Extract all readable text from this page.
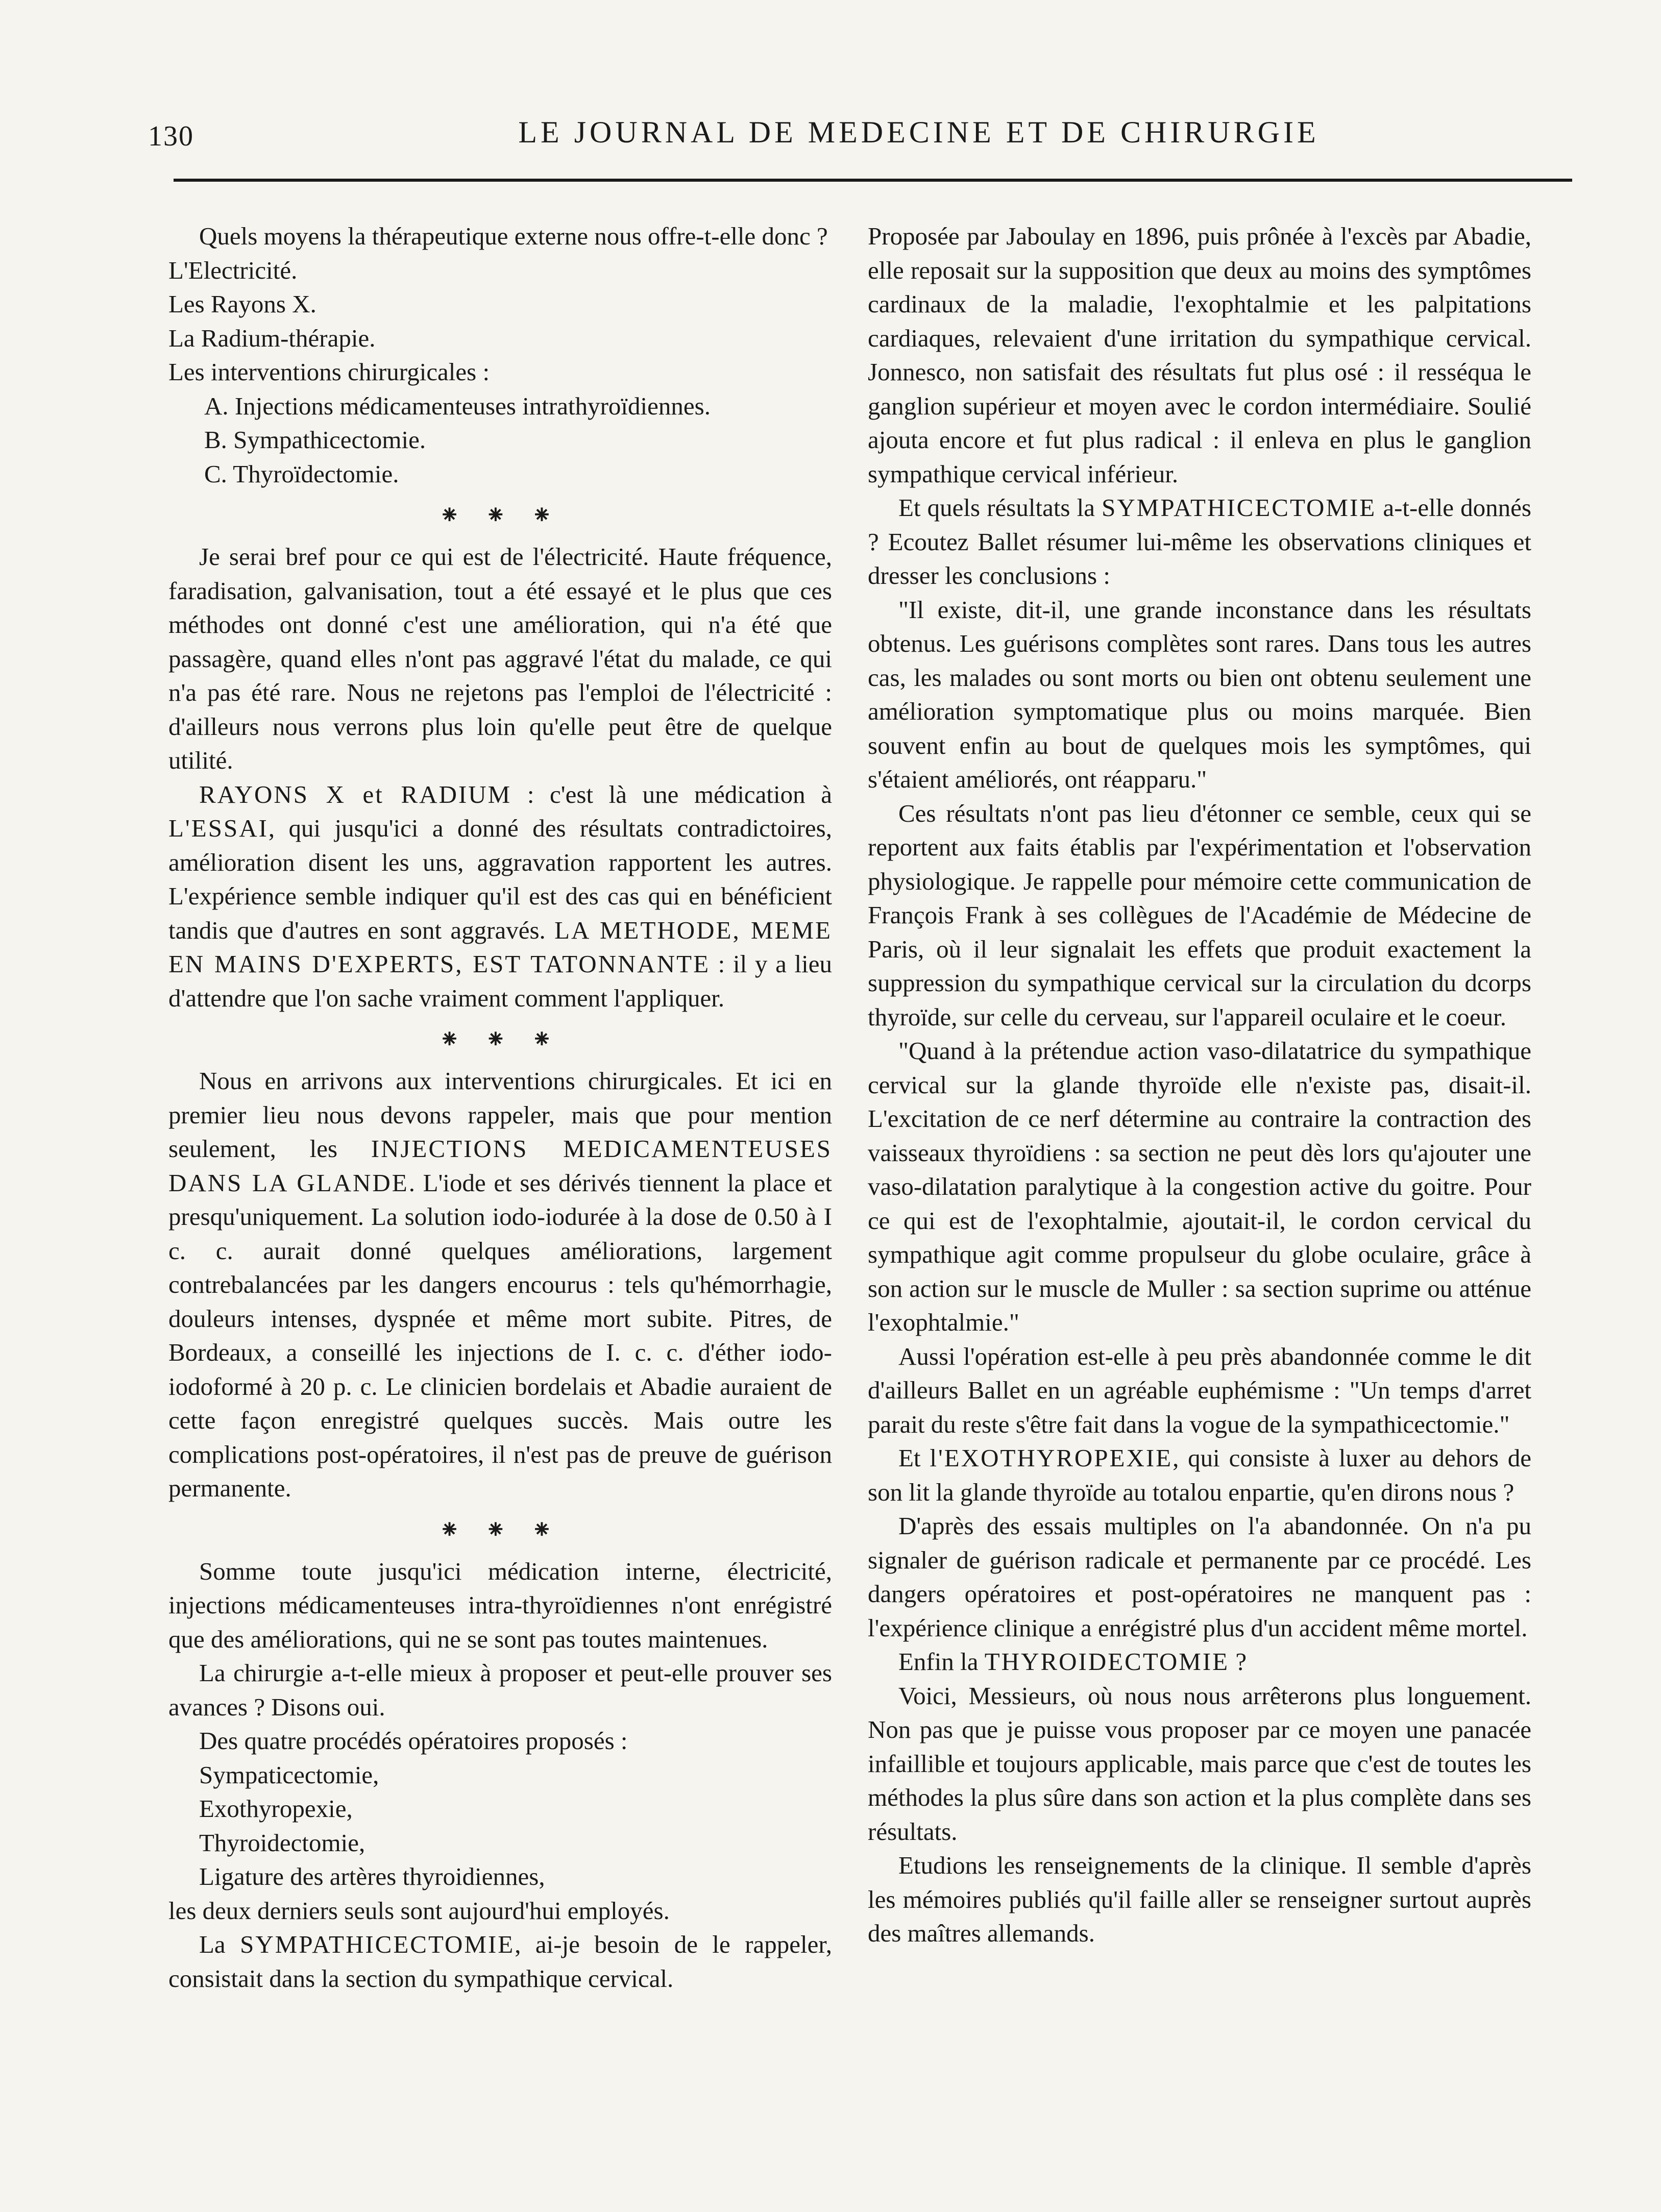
130	LE JOURNAL DE MEDECINE ET DE CHIRURGIE

Quels moyens la thérapeutique externe nous offre-t-elle donc ?

L'Electricité.

Les Rayons X.

La Radium-thérapie.

Les interventions chirurgicales :

A. Injections médicamenteuses intrathyroïdiennes.

B. Sympathicectomie.

C. Thyroïdectomie.

⁕ ⁕ ⁕

Je serai bref pour ce qui est de l'électricité. Haute fréquence, faradisation, galvanisation, tout a été essayé et le plus que ces méthodes ont donné c'est une amélioration, qui n'a été que passagère, quand elles n'ont pas aggravé l'état du malade, ce qui n'a pas été rare. Nous ne rejetons pas l'emploi de l'électricité : d'ailleurs nous verrons plus loin qu'elle peut être de quelque utilité.

RAYONS X et RADIUM : c'est là une médication à L'ESSAI, qui jusqu'ici a donné des résultats contradictoires, amélioration disent les uns, aggravation rapportent les autres. L'expérience semble indiquer qu'il est des cas qui en bénéficient tandis que d'autres en sont aggravés. LA METHODE, MEME EN MAINS D'EXPERTS, EST TATONNANTE : il y a lieu d'attendre que l'on sache vraiment comment l'appliquer.

⁕ ⁕ ⁕

Nous en arrivons aux interventions chirurgicales. Et ici en premier lieu nous devons rappeler, mais que pour mention seulement, les INJECTIONS MEDICAMENTEUSES DANS LA GLANDE. L'iode et ses dérivés tiennent la place et presqu'uniquement. La solution iodo-iodurée à la dose de 0.50 à I c. c. aurait donné quelques améliorations, largement contrebalancées par les dangers encourus : tels qu'hémorrhagie, douleurs intenses, dyspnée et même mort subite. Pitres, de Bordeaux, a conseillé les injections de I. c. c. d'éther iodo-iodoformé à 20 p. c. Le clinicien bordelais et Abadie auraient de cette façon enregistré quelques succès. Mais outre les complications post-opératoires, il n'est pas de preuve de guérison permanente.

⁕ ⁕ ⁕

Somme toute jusqu'ici médication interne, électricité, injections médicamenteuses intra-thyroïdiennes n'ont enrégistré que des améliorations, qui ne se sont pas toutes maintenues.

La chirurgie a-t-elle mieux à proposer et peut-elle prouver ses avances ? Disons oui.

Des quatre procédés opératoires proposés :

Sympaticectomie,

Exothyropexie,

Thyroidectomie,

Ligature des artères thyroidiennes,

les deux derniers seuls sont aujourd'hui employés.

La SYMPATHICECTOMIE, ai-je besoin de le rappeler, consistait dans la section du sympathique cervical.

Proposée par Jaboulay en 1896, puis prônée à l'excès par Abadie, elle reposait sur la supposition que deux au moins des symptômes cardinaux de la maladie, l'exophtalmie et les palpitations cardiaques, relevaient d'une irritation du sympathique cervical. Jonnesco, non satisfait des résultats fut plus osé : il resséqua le ganglion supérieur et moyen avec le cordon intermédiaire. Soulié ajouta encore et fut plus radical : il enleva en plus le ganglion sympathique cervical inférieur.

Et quels résultats la SYMPATHICECTOMIE a-t-elle donnés ? Ecoutez Ballet résumer lui-même les observations cliniques et dresser les conclusions :

"Il existe, dit-il, une grande inconstance dans les résultats obtenus. Les guérisons complètes sont rares. Dans tous les autres cas, les malades ou sont morts ou bien ont obtenu seulement une amélioration symptomatique plus ou moins marquée. Bien souvent enfin au bout de quelques mois les symptômes, qui s'étaient améliorés, ont réapparu."

Ces résultats n'ont pas lieu d'étonner ce semble, ceux qui se reportent aux faits établis par l'expérimentation et l'observation physiologique. Je rappelle pour mémoire cette communication de François Frank à ses collègues de l'Académie de Médecine de Paris, où il leur signalait les effets que produit exactement la suppression du sympathique cervical sur la circulation du dcorps thyroïde, sur celle du cerveau, sur l'appareil oculaire et le coeur.

"Quand à la prétendue action vaso-dilatatrice du sympathique cervical sur la glande thyroïde elle n'existe pas, disait-il. L'excitation de ce nerf détermine au contraire la contraction des vaisseaux thyroïdiens : sa section ne peut dès lors qu'ajouter une vaso-dilatation paralytique à la congestion active du goitre. Pour ce qui est de l'exophtalmie, ajoutait-il, le cordon cervical du sympathique agit comme propulseur du globe oculaire, grâce à son action sur le muscle de Muller : sa section suprime ou atténue l'exophtalmie."

Aussi l'opération est-elle à peu près abandonnée comme le dit d'ailleurs Ballet en un agréable euphémisme : "Un temps d'arret parait du reste s'être fait dans la vogue de la sympathicectomie."

Et l'EXOTHYROPEXIE, qui consiste à luxer au dehors de son lit la glande thyroïde au totalou enpartie, qu'en dirons nous ?

D'après des essais multiples on l'a abandonnée. On n'a pu signaler de guérison radicale et permanente par ce procédé. Les dangers opératoires et post-opératoires ne manquent pas : l'expérience clinique a enrégistré plus d'un accident même mortel.

Enfin la THYROIDECTOMIE ?

Voici, Messieurs, où nous nous arrêterons plus longuement. Non pas que je puisse vous proposer par ce moyen une panacée infaillible et toujours applicable, mais parce que c'est de toutes les méthodes la plus sûre dans son action et la plus complète dans ses résultats.

Etudions les renseignements de la clinique. Il semble d'après les mémoires publiés qu'il faille aller se renseigner surtout auprès des maîtres allemands.
